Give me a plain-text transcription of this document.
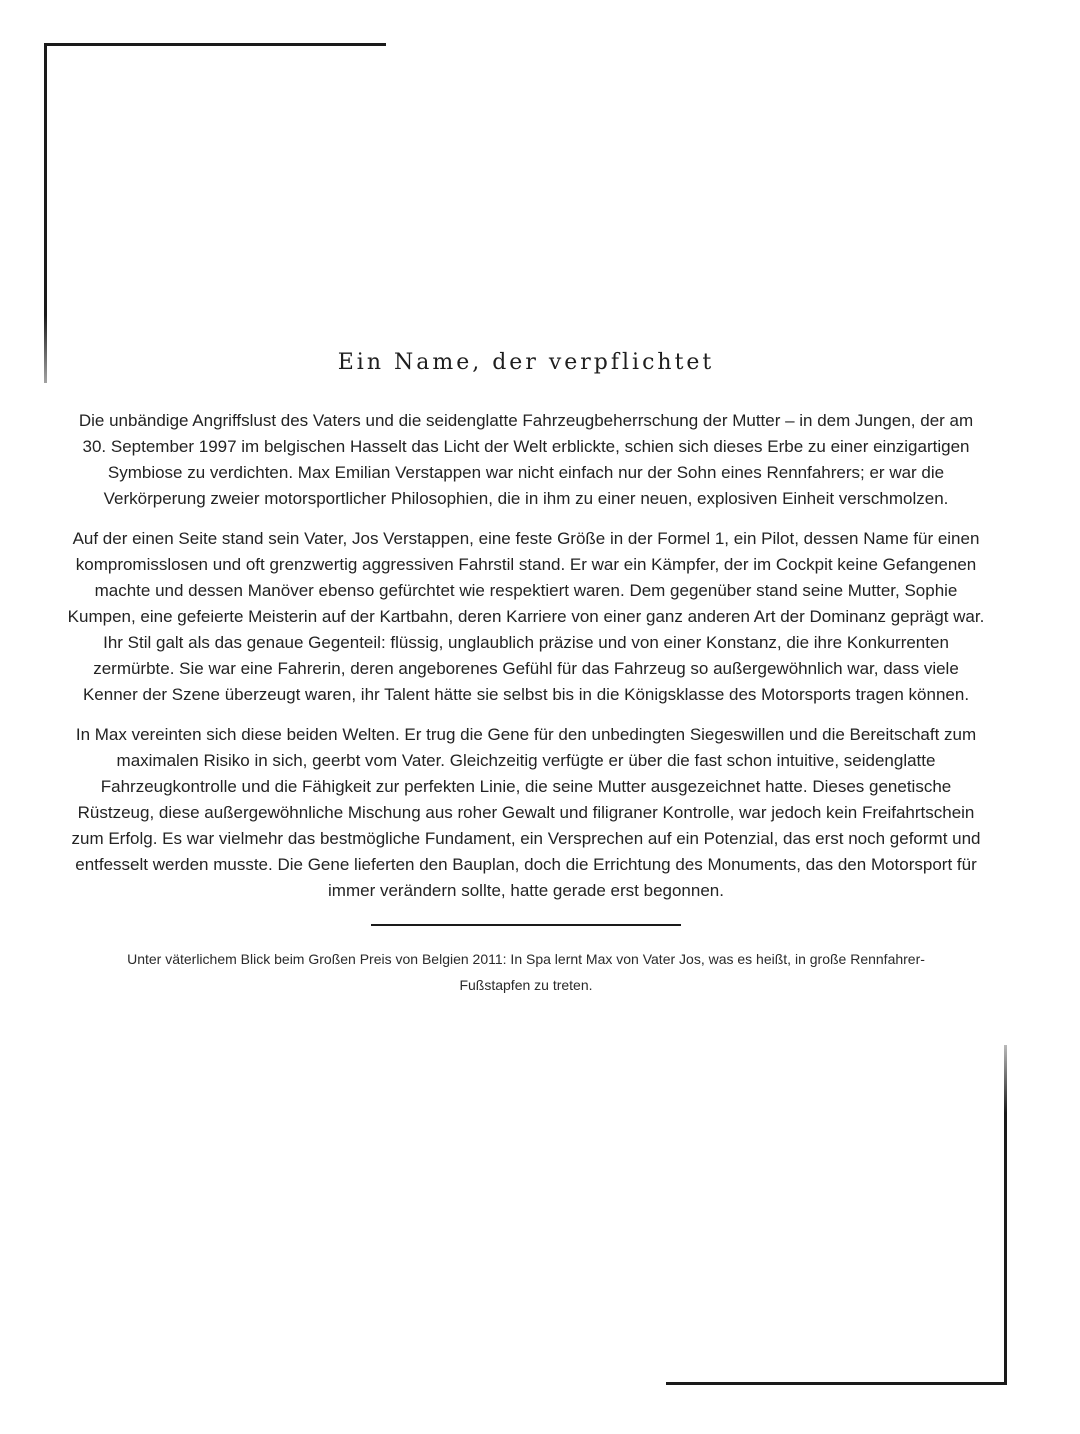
Ein Name, der verpflichtet

Die unbändige Angriffslust des Vaters und die seidenglatte Fahrzeugbeherrschung der Mutter – in dem Jungen, der am 30. September 1997 im belgischen Hasselt das Licht der Welt erblickte, schien sich dieses Erbe zu einer einzigartigen Symbiose zu verdichten. Max Emilian Verstappen war nicht einfach nur der Sohn eines Rennfahrers; er war die Verkörperung zweier motorsportlicher Philosophien, die in ihm zu einer neuen, explosiven Einheit verschmolzen.

Auf der einen Seite stand sein Vater, Jos Verstappen, eine feste Größe in der Formel 1, ein Pilot, dessen Name für einen kompromisslosen und oft grenzwertig aggressiven Fahrstil stand. Er war ein Kämpfer, der im Cockpit keine Gefangenen machte und dessen Manöver ebenso gefürchtet wie respektiert waren. Dem gegenüber stand seine Mutter, Sophie Kumpen, eine gefeierte Meisterin auf der Kartbahn, deren Karriere von einer ganz anderen Art der Dominanz geprägt war. Ihr Stil galt als das genaue Gegenteil: flüssig, unglaublich präzise und von einer Konstanz, die ihre Konkurrenten zermürbte. Sie war eine Fahrerin, deren angeborenes Gefühl für das Fahrzeug so außergewöhnlich war, dass viele Kenner der Szene überzeugt waren, ihr Talent hätte sie selbst bis in die Königsklasse des Motorsports tragen können.

In Max vereinten sich diese beiden Welten. Er trug die Gene für den unbedingten Siegeswillen und die Bereitschaft zum maximalen Risiko in sich, geerbt vom Vater. Gleichzeitig verfügte er über die fast schon intuitive, seidenglatte Fahrzeugkontrolle und die Fähigkeit zur perfekten Linie, die seine Mutter ausgezeichnet hatte. Dieses genetische Rüstzeug, diese außergewöhnliche Mischung aus roher Gewalt und filigraner Kontrolle, war jedoch kein Freifahrtschein zum Erfolg. Es war vielmehr das bestmögliche Fundament, ein Versprechen auf ein Potenzial, das erst noch geformt und entfesselt werden musste. Die Gene lieferten den Bauplan, doch die Errichtung des Monuments, das den Motorsport für immer verändern sollte, hatte gerade erst begonnen.

Unter väterlichem Blick beim Großen Preis von Belgien 2011: In Spa lernt Max von Vater Jos, was es heißt, in große Rennfahrer-Fußstapfen zu treten.
